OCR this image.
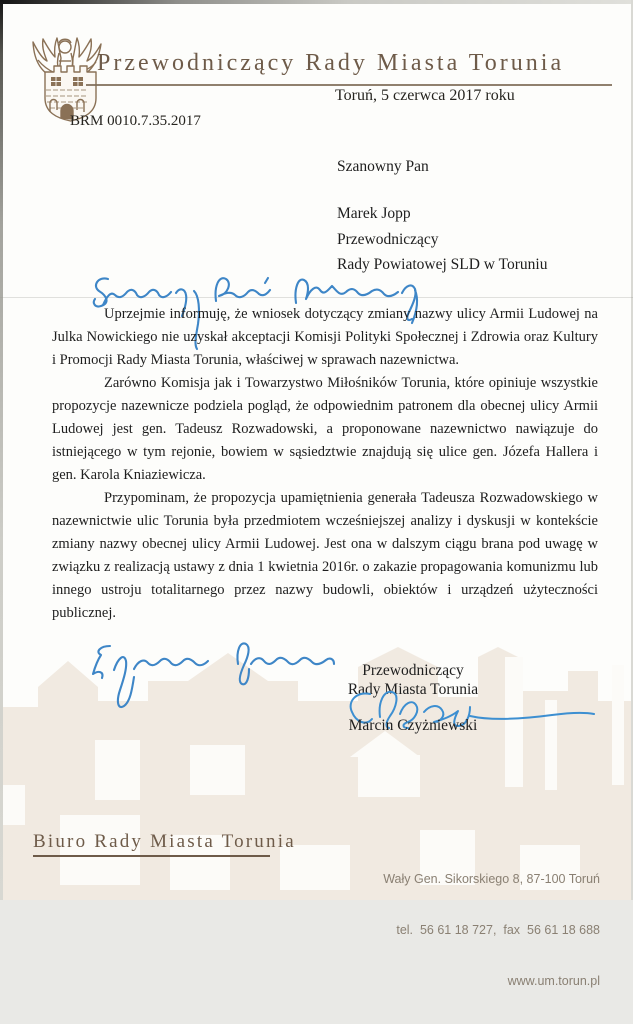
Przewodniczący Rady Miasta Torunia
Toruń, 5 czerwca 2017 roku
BRM 0010.7.35.2017
Szanowny Pan
Marek Jopp
Przewodniczący
Rady Powiatowej SLD w Toruniu

Uprzejmie informuję, że wniosek dotyczący zmiany nazwy ulicy Armii Ludowej na Julka Nowickiego nie uzyskał akceptacji Komisji Polityki Społecznej i Zdrowia oraz Kultury i Promocji Rady Miasta Torunia, właściwej w sprawach nazewnictwa.

Zarówno Komisja jak i Towarzystwo Miłośników Torunia, które opiniuje wszystkie propozycje nazewnicze podziela pogląd, że odpowiednim patronem dla obecnej ulicy Armii Ludowej jest gen. Tadeusz Rozwadowski, a proponowane nazewnictwo nawiązuje do istniejącego w tym rejonie, bowiem w sąsiedztwie znajdują się ulice gen. Józefa Hallera i gen. Karola Kniaziewicza.

Przypominam, że propozycja upamiętnienia generała Tadeusza Rozwadowskiego w nazewnictwie ulic Torunia była przedmiotem wcześniejszej analizy i dyskusji w kontekście zmiany nazwy obecnej ulicy Armii Ludowej. Jest ona w dalszym ciągu brana pod uwagę w związku z realizacją ustawy z dnia 1 kwietnia 2016r. o zakazie propagowania komunizmu lub innego ustroju totalitarnego przez nazwy budowli, obiektów i urządzeń użyteczności publicznej.

Przewodniczący
Rady Miasta Torunia
Marcin Czyżniewski
Biuro Rady Miasta Torunia

Wały Gen. Sikorskiego 8, 87-100 Toruń

tel.  56 61 18 727,  fax  56 61 18 688

www.um.torun.pl
